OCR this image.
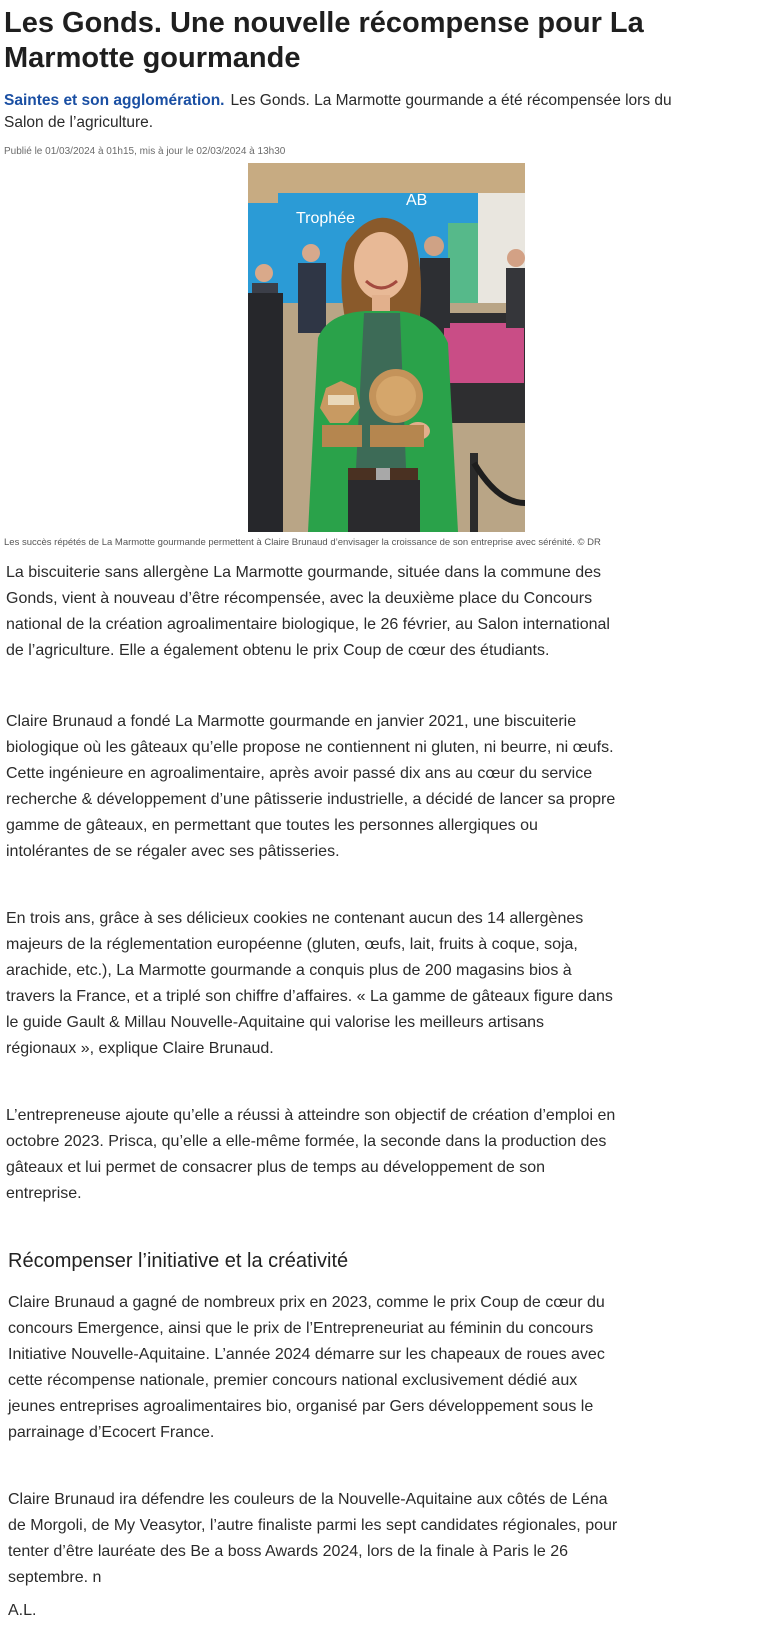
Les Gonds. Une nouvelle récompense pour La Marmotte gourmande

Saintes et son agglomération. Les Gonds. La Marmotte gourmande a été récompensée lors du Salon de l’agriculture.

Publié le 01/03/2024 à 01h15, mis à jour le 02/03/2024 à 13h30
Trophée
AB
Les succès répétés de La Marmotte gourmande permettent à Claire Brunaud d’envisager la croissance de son entreprise avec sérénité. © DR

La biscuiterie sans allergène La Marmotte gourmande, située dans la commune des Gonds, vient à nouveau d’être récompensée, avec la deuxième place du Concours national de la création agroalimentaire biologique, le 26 février, au Salon international de l’agriculture. Elle a également obtenu le prix Coup de cœur des étudiants.

Claire Brunaud a fondé La Marmotte gourmande en janvier 2021, une biscuiterie biologique où les gâteaux qu’elle propose ne contiennent ni gluten, ni beurre, ni œufs. Cette ingénieure en agroalimentaire, après avoir passé dix ans au cœur du service recherche & développement d’une pâtisserie industrielle, a décidé de lancer sa propre gamme de gâteaux, en permettant que toutes les personnes allergiques ou intolérantes de se régaler avec ses pâtisseries.

En trois ans, grâce à ses délicieux cookies ne contenant aucun des 14 allergènes majeurs de la réglementation européenne (gluten, œufs, lait, fruits à coque, soja, arachide, etc.), La Marmotte gourmande a conquis plus de 200 magasins bios à travers la France, et a triplé son chiffre d’affaires. « La gamme de gâteaux figure dans le guide Gault & Millau Nouvelle-Aquitaine qui valorise les meilleurs artisans régionaux », explique Claire Brunaud.

L’entrepreneuse ajoute qu’elle a réussi à atteindre son objectif de création d’emploi en octobre 2023. Prisca, qu’elle a elle-même formée, la seconde dans la production des gâteaux et lui permet de consacrer plus de temps au développement de son entreprise.

Récompenser l’initiative et la créativité

Claire Brunaud a gagné de nombreux prix en 2023, comme le prix Coup de cœur du concours Emergence, ainsi que le prix de l’Entrepreneuriat au féminin du concours Initiative Nouvelle-Aquitaine. L’année 2024 démarre sur les chapeaux de roues avec cette récompense nationale, premier concours national exclusivement dédié aux jeunes entreprises agroalimentaires bio, organisé par Gers développement sous le parrainage d’Ecocert France.

Claire Brunaud ira défendre les couleurs de la Nouvelle-Aquitaine aux côtés de Léna de Morgoli, de My Veasytor, l’autre finaliste parmi les sept candidates régionales, pour tenter d’être lauréate des Be a boss Awards 2024, lors de la finale à Paris le 26 septembre. n

A.L.
